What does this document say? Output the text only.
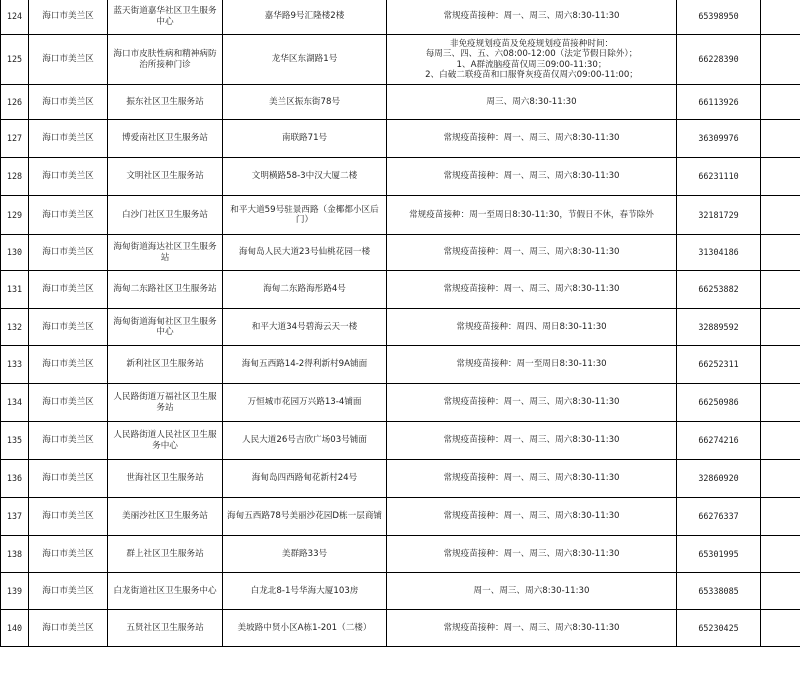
124	海口市美兰区	蓝天街道嘉华社区卫生服务中心	嘉华路9号汇隆楼2楼	常规疫苗接种：周一、周三、周六8:30-11:30	65398950	
125	海口市美兰区	海口市皮肤性病和精神病防治所接种门诊	龙华区东湖路1号	非免疫规划疫苗及免疫规划疫苗接种时间：
每周三、四、五、六08:00-12:00（法定节假日除外）；
1、A群流脑疫苗仅周三09:00-11:30；
2、白破二联疫苗和口服脊灰疫苗仅周六09:00-11:00；	66228390	
126	海口市美兰区	振东社区卫生服务站	美兰区振东街78号	周三、周六8:30-11:30	66113926	
127	海口市美兰区	博爱南社区卫生服务站	南联路71号	常规疫苗接种：周一、周三、周六8:30-11:30	36309976	
128	海口市美兰区	文明社区卫生服务站	文明横路58-3中汉大厦二楼	常规疫苗接种：周一、周三、周六8:30-11:30	66231110	
129	海口市美兰区	白沙门社区卫生服务站	和平大道59号驻景西路（金椰都小区后门）	常规疫苗接种：周一至周日8:30-11:30，节假日不休，春节除外	32181729	
130	海口市美兰区	海甸街道海达社区卫生服务站	海甸岛人民大道23号仙桃花园一楼	常规疫苗接种：周一、周三、周六8:30-11:30	31304186	
131	海口市美兰区	海甸二东路社区卫生服务站	海甸二东路海彤路4号	常规疫苗接种：周一、周三、周六8:30-11:30	66253882	
132	海口市美兰区	海甸街道海甸社区卫生服务中心	和平大道34号碧海云天一楼	常规疫苗接种：周四、周日8:30-11:30	32889592	
133	海口市美兰区	新利社区卫生服务站	海甸五西路14-2得利新村9A铺面	常规疫苗接种：周一至周日8:30-11:30	66252311	
134	海口市美兰区	人民路街道万福社区卫生服务站	万恒城市花园万兴路13-4铺面	常规疫苗接种：周一、周三、周六8:30-11:30	66250986	
135	海口市美兰区	人民路街道人民社区卫生服务中心	人民大道26号吉欣广场03号铺面	常规疫苗接种：周一、周三、周六8:30-11:30	66274216	
136	海口市美兰区	世海社区卫生服务站	海甸岛四西路甸花新村24号	常规疫苗接种：周一、周三、周六8:30-11:30	32860920	
137	海口市美兰区	美丽沙社区卫生服务站	海甸五西路78号美丽沙花园D栋一层商铺	常规疫苗接种：周一、周三、周六8:30-11:30	66276337	
138	海口市美兰区	群上社区卫生服务站	美群路33号	常规疫苗接种：周一、周三、周六8:30-11:30	65301995	
139	海口市美兰区	白龙街道社区卫生服务中心	白龙北8-1号华海大厦103房	周一、周三、周六8:30-11:30	65338085	
140	海口市美兰区	五贤社区卫生服务站	美坡路中贤小区A栋1-201（二楼）	常规疫苗接种：周一、周三、周六8:30-11:30	65230425	
